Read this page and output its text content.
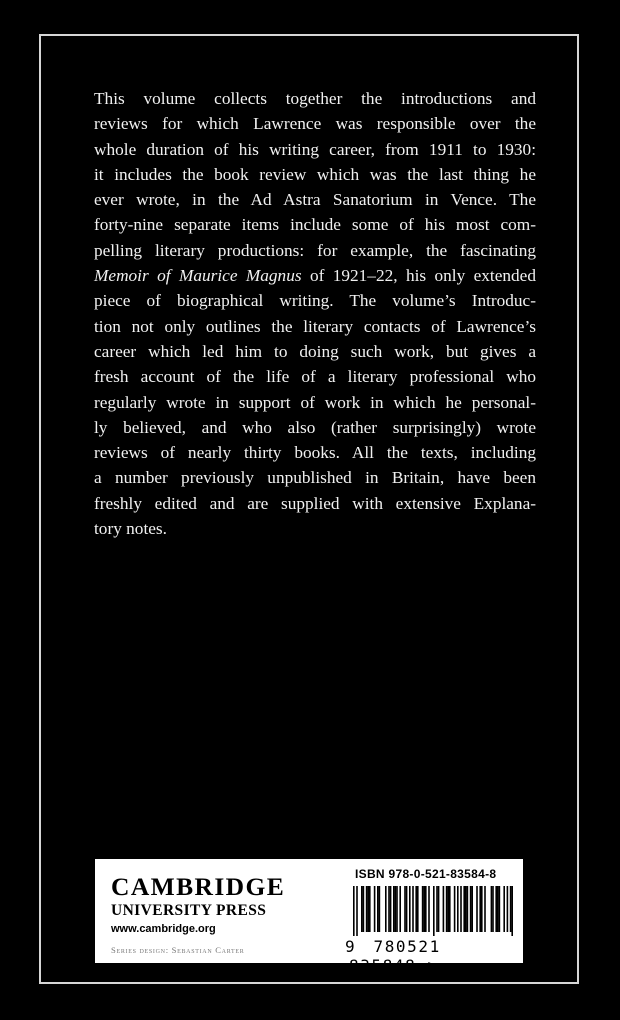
This volume collects together the introductions and
reviews for which Lawrence was responsible over the
whole duration of his writing career, from 1911 to 1930:
it includes the book review which was the last thing he
ever wrote, in the Ad Astra Sanatorium in Vence. The
forty-nine separate items include some of his most com-
pelling literary productions: for example, the fascinating
Memoir of Maurice Magnus of 1921–22, his only extended
piece of biographical writing. The volume’s Introduc-
tion not only outlines the literary contacts of Lawrence’s
career which led him to doing such work, but gives a
fresh account of the life of a literary professional who
regularly wrote in support of work in which he personal-
ly believed, and who also (rather surprisingly) wrote
reviews of nearly thirty books. All the texts, including
a number previously unpublished in Britain, have been
freshly edited and are supplied with extensive Explana-
tory notes.

CAMBRIDGE
UNIVERSITY PRESS
www.cambridge.org
Series design: Sebastian Carter
ISBN 978-0-521-83584-8
9 780521 835848 >
